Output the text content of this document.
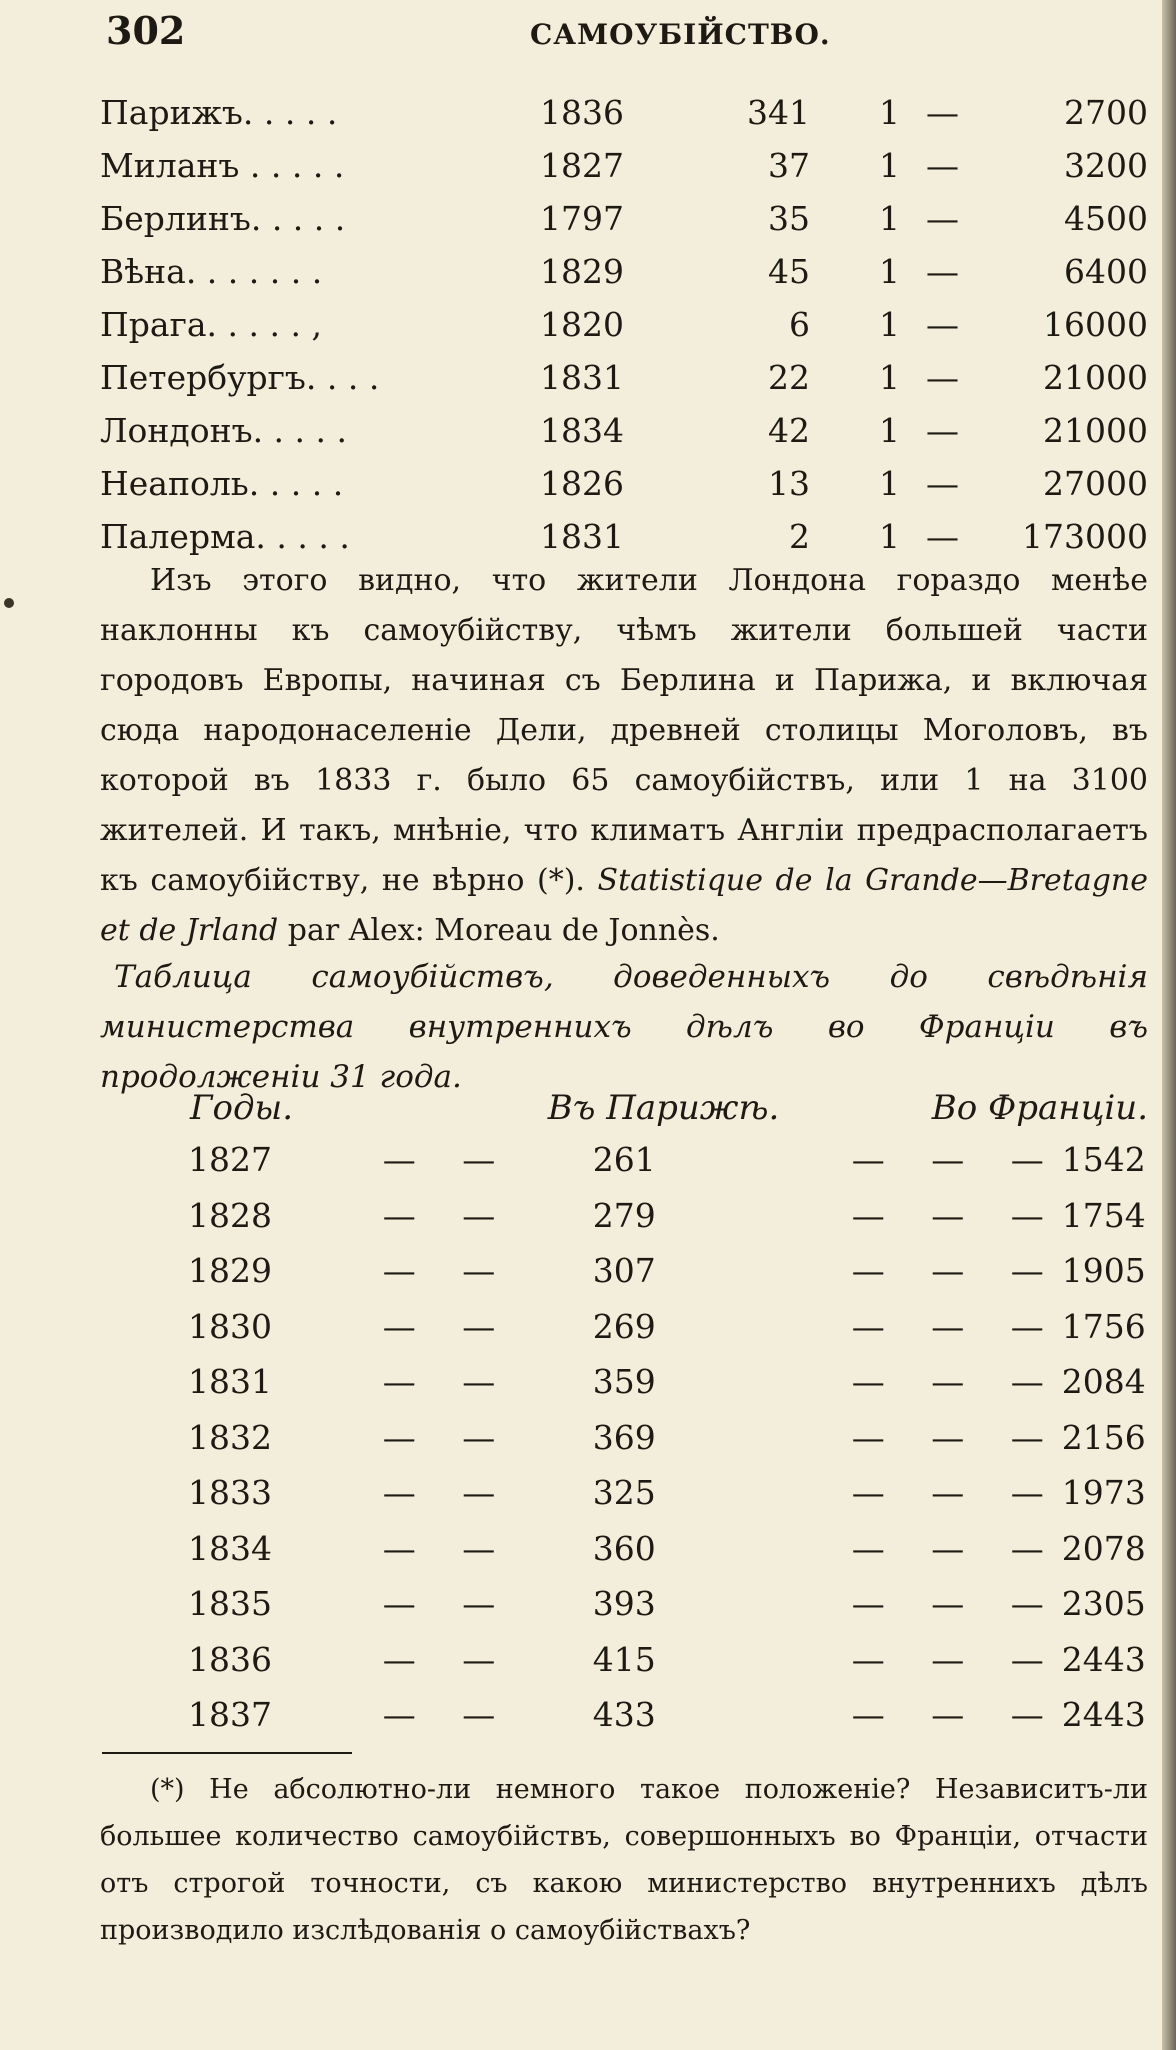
302	САМОУБІЙСТВО.
Парижъ. . . . .	1836	341	1	—	2700
Миланъ . . . . .	1827	37	1	—	3200
Берлинъ. . . . .	1797	35	1	—	4500
Вѣна. . . . . . .	1829	45	1	—	6400
Прага. . . . . ,	1820	6	1	—	16000
Петербургъ. . . .	1831	22	1	—	21000
Лондонъ. . . . .	1834	42	1	—	21000
Неаполь. . . . .	1826	13	1	—	27000
Палерма. . . . .	1831	2	1	—	173000

Изъ этого видно, что жители Лондона гораздо менѣе наклонны къ самоубійству, чѣмъ жители большей части городовъ Европы, начиная съ Берлина и Парижа, и включая сюда народонаселеніе Дели, древней столицы Моголовъ, въ которой въ 1833 г. было 65 самоубійствъ, или 1 на 3100 жителей. И такъ, мнѣніе, что климатъ Англіи предрасполагаетъ къ самоубійству, не вѣрно (*). Statistique de la Grande—Bretagne et de Jrland par Alex: Moreau de Jonnès.

Таблица самоубійствъ, доведенныхъ до свѣдѣнія министерства внутреннихъ дѣлъ во Франціи въ продолженіи 31 года.
Годы.	Въ Парижѣ.	Во Франціи.
1827	— — 261	— — —1542
1828	— — 279	— — —1754
1829	— — 307	— — —1905
1830	— — 269	— — —1756
1831	— — 359	— — —2084
1832	— — 369	— — —2156
1833	— — 325	— — —1973
1834	— — 360	— — —2078
1835	— — 393	— — —2305
1836	— — 415	— — —2443
1837	— — 433	— — —2443

(*) Не абсолютно-ли немного такое положеніе? Независитъ-ли большее количество самоубійствъ, совершонныхъ во Франціи, отчасти отъ строгой точности, съ какою министерство внутреннихъ дѣлъ производило изслѣдованія о самоубійствахъ?
